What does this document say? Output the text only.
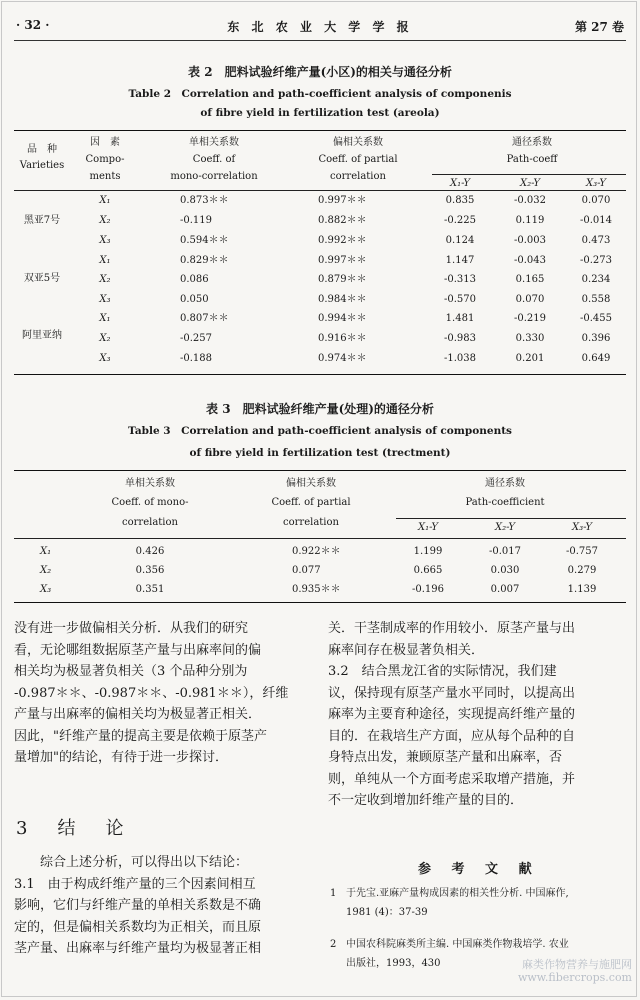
· 32 ·	东 北 农 业 大 学 学 报	第 27 卷
表 2　肥料试验纤维产量(小区)的相关与通径分析
Table 2　Correlation and path-coefficient analysis of componenis
of fibre yield in fertilization test (areola)
品　种
Varieties
因　素
Compo-
ments
单相关系数
Coeff. of
mono-correlation
偏相关系数
Coeff. of partial
correlation
通径系数
Path-coeff
X₁-Y	X₂-Y	X₃-Y
黑亚7号
X₁	0.873＊＊	0.997＊＊	0.835	-0.032	0.070
X₂	-0.119	0.882＊＊	-0.225	0.119	-0.014
X₃	0.594＊＊	0.992＊＊	0.124	-0.003	0.473
双亚5号
X₁	0.829＊＊	0.997＊＊	1.147	-0.043	-0.273
X₂	0.086	0.879＊＊	-0.313	0.165	0.234
X₃	0.050	0.984＊＊	-0.570	0.070	0.558
阿里亚纳
X₁	0.807＊＊	0.994＊＊	1.481	-0.219	-0.455
X₂	-0.257	0.916＊＊	-0.983	0.330	0.396
X₃	-0.188	0.974＊＊	-1.038	0.201	0.649
表 3　肥料试验纤维产量(处理)的通径分析
Table 3　Correlation and path-coefficient analysis of components
of fibre yield in fertilization test (trectment)
单相关系数
Coeff. of mono-
correlation
偏相关系数
Coeff. of partial
correlation
通径系数
Path-coefficient
X₁-Y	X₂-Y	X₃-Y
X₁	0.426	0.922＊＊	1.199	-0.017	-0.757
X₂	0.356	0.077	0.665	0.030	0.279
X₃	0.351	0.935＊＊	-0.196	0.007	1.139

没有进一步做偏相关分析．从我们的研究

看，无论哪组数据原茎产量与出麻率间的偏

相关均为极显著负相关（3 个品种分别为

-0.987＊＊、-0.987＊＊、-0.981＊＊），纤维

产量与出麻率的偏相关均为极显著正相关．

因此，"纤维产量的提高主要是依赖于原茎产

量增加"的结论，有待于进一步探讨．

3　结　论

　　综合上述分析，可以得出以下结论：

3.1　由于构成纤维产量的三个因素间相互

影响，它们与纤维产量的单相关系数是不确

定的，但是偏相关系数均为正相关，而且原

茎产量、出麻率与纤维产量均为极显著正相

关．干茎制成率的作用较小．原茎产量与出

麻率间存在极显著负相关．

3.2　结合黑龙江省的实际情况，我们建

议，保持现有原茎产量水平同时，以提高出

麻率为主要育种途径，实现提高纤维产量的

目的．在栽培生产方面，应从每个品种的自

身特点出发，兼顾原茎产量和出麻率，否

则，单纯从一个方面考虑采取增产措施，并

不一定收到增加纤维产量的目的．

参 考 文 献
1 于先宝.亚麻产量构成因素的相关性分析. 中国麻作,
1981 (4)：37-39
2 中国农科院麻类所主编. 中国麻类作物栽培学. 农业
出版社，1993，430	麻类作物营养与施肥网
www.fibercrops.com
